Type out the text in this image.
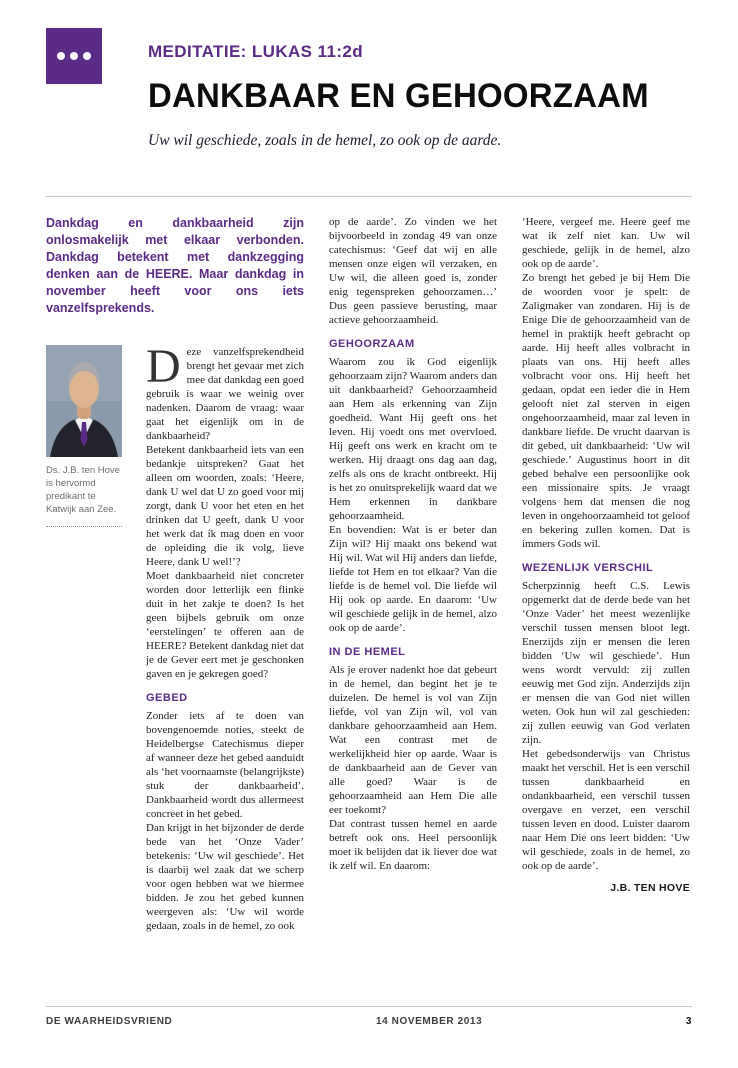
MEDITATIE: LUKAS 11:2d
DANKBAAR EN GEHOORZAAM
Uw wil geschiede, zoals in de hemel, zo ook op de aarde.

Dankdag en dankbaarheid zijn onlosmakelijk met elkaar verbonden. Dankdag betekent met dankzegging denken aan de HEERE. Maar dankdag in november heeft voor ons iets vanzelfsprekends.

Ds. J.B. ten Hove is hervormd predikant te Katwijk aan Zee.

Deze vanzelfsprekendheid brengt het gevaar met zich mee dat dankdag een goed gebruik is waar we weinig over nadenken. Daarom de vraag: waar gaat het eigenlijk om in de dankbaarheid?

Betekent dankbaarheid iets van een bedankje uitspreken? Gaat het alleen om woorden, zoals: ‘Heere, dank U wel dat U zo goed voor mij zorgt, dank U voor het eten en het drinken dat U geeft, dank U voor het werk dat ik mag doen en voor de opleiding die ik volg, lieve Heere, dank U wel!’?

Moet dankbaarheid niet concreter worden door letterlijk een flinke duit in het zakje te doen? Is het geen bijbels gebruik om onze ‘eerstelingen’ te offeren aan de HEERE? Betekent dankdag niet dat je de Gever eert met je geschonken gaven en je gekregen goed?

GEBED

Zonder iets af te doen van bovengenoemde noties, steekt de Heidelbergse Catechismus dieper af wanneer deze het gebed aanduidt als ‘het voornaamste (belangrijkste) stuk der dankbaarheid’. Dankbaarheid wordt dus allermeest concreet in het gebed.

Dan krijgt in het bijzonder de derde bede van het ‘Onze Vader’ betekenis: ‘Uw wil geschiede’. Het is daarbij wel zaak dat we scherp voor ogen hebben wat we hiermee bidden. Je zou het gebed kunnen weergeven als: ‘Uw wil worde gedaan, zoals in de hemel, zo ook

op de aarde’. Zo vinden we het bijvoorbeeld in zondag 49 van onze catechismus: ‘Geef dat wij en alle mensen onze eigen wil verzaken, en Uw wil, die alleen goed is, zonder enig tegenspreken gehoorzamen…’ Dus geen passieve berusting, maar actieve gehoorzaamheid.

GEHOORZAAM

Waarom zou ik God eigenlijk gehoorzaam zijn? Waarom anders dan uit dankbaarheid? Gehoorzaamheid aan Hem als erkenning van Zijn goedheid. Want Hij geeft ons het leven. Hij voedt ons met overvloed. Hij geeft ons werk en kracht om te werken. Hij draagt ons dag aan dag, zelfs als ons de kracht ontbreekt. Hij is het zo onuitsprekelijk waard dat we Hem erkennen in dankbare gehoorzaamheid.

En bovendien: Wat is er beter dan Zijn wil? Hij maakt ons bekend wat Hij wil. Wat wil Hij anders dan liefde, liefde tot Hem en tot elkaar? Van die liefde is de hemel vol. Die liefde wil Hij ook op aarde. En daarom: ‘Uw wil geschiede gelijk in de hemel, alzo ook op de aarde’.

IN DE HEMEL

Als je erover nadenkt hoe dat gebeurt in de hemel, dan begint het je te duizelen. De hemel is vol van Zijn liefde, vol van Zijn wil, vol van dankbare gehoorzaamheid aan Hem. Wat een contrast met de werkelijkheid hier op aarde. Waar is de dankbaarheid aan de Gever van alle goed? Waar is de gehoorzaamheid aan Hem Die alle eer toekomt?

Dat contrast tussen hemel en aarde betreft ook ons. Heel persoonlijk moet ik belijden dat ik liever doe wat ik zelf wil. En daarom:

‘Heere, vergeef me. Heere geef me wat ik zelf niet kan. Uw wil geschiede, gelijk in de hemel, alzo ook op de aarde’.

Zo brengt het gebed je bij Hem Die de woorden voor je spelt: de Zaligmaker van zondaren. Hij is de Enige Die de gehoorzaamheid van de hemel in praktijk heeft gebracht op aarde. Hij heeft alles volbracht in plaats van ons. Hij heeft alles volbracht voor ons. Hij heeft het gedaan, opdat een ieder die in Hem gelooft niet zal sterven in eigen ongehoorzaamheid, maar zal leven in dankbare liefde. De vrucht daarvan is dit gebed, uit dankbaarheid: ‘Uw wil geschiede.’ Augustinus hoort in dit gebed behalve een persoonlijke ook een missionaire spits. Je vraagt volgens hem dat mensen die nog leven in ongehoorzaamheid tot geloof en bekering zullen komen. Dat is immers Gods wil.

WEZENLIJK VERSCHIL

Scherpzinnig heeft C.S. Lewis opgemerkt dat de derde bede van het ‘Onze Vader’ het meest wezenlijke verschil tussen mensen bloot legt. Enerzijds zijn er mensen die leren bidden ‘Uw wil geschiede’. Hun wens wordt vervuld: zij zullen eeuwig met God zijn. Anderzijds zijn er mensen die van God niet willen weten. Ook hun wil zal geschieden: zij zullen eeuwig van God verlaten zijn.

Het gebedsonderwijs van Christus maakt het verschil. Het is een verschil tussen dankbaarheid en ondankbaarheid, een verschil tussen overgave en verzet, een verschil tussen leven en dood. Luister daarom naar Hem Die ons leert bidden: ‘Uw wil geschiede, zoals in de hemel, zo ook op de aarde’.

J.B. TEN HOVE
DE WAARHEIDSVRIEND	14 NOVEMBER 2013	3
